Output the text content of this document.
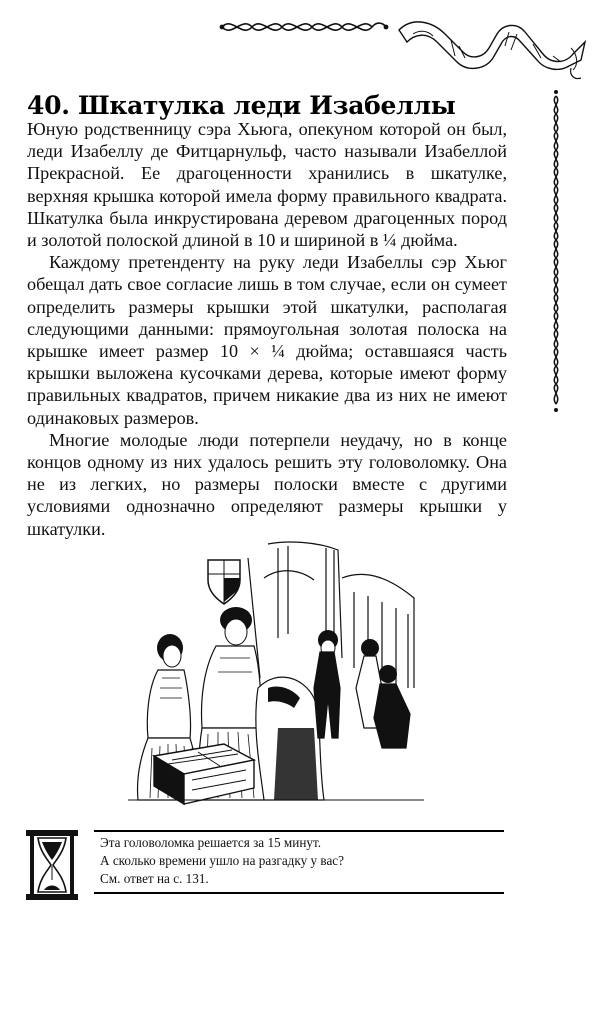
40. Шкатулка леди Изабеллы

Юную родственницу сэра Хьюга, опекуном которой он был, леди Изабеллу де Фитцарнульф, часто называли Изабеллой Прекрасной. Ее драгоценности хранились в шкатулке, верхняя крышка которой имела форму правильного квадрата. Шкатулка была инкрустирована деревом драгоценных пород и золотой полоской длиной в 10 и шириной в ¼ дюйма.

Каждому претенденту на руку леди Изабеллы сэр Хьюг обещал дать свое согласие лишь в том случае, если он сумеет определить размеры крышки этой шкатулки, располагая следующими данными: прямоугольная золотая полоска на крышке имеет размер 10 × ¼ дюйма; оставшаяся часть крышки выложена кусочками дерева, которые имеют форму правильных квадратов, причем никакие два из них не имеют одинаковых размеров.

Многие молодые люди потерпели неудачу, но в конце концов одному из них удалось решить эту головоломку. Она не из легких, но размеры полоски вместе с другими условиями однозначно определяют размеры крышки у шкатулки.

Эта головоломка решается за 15 минут.
А сколько времени ушло на разгадку у вас?
См. ответ на с. 131.
